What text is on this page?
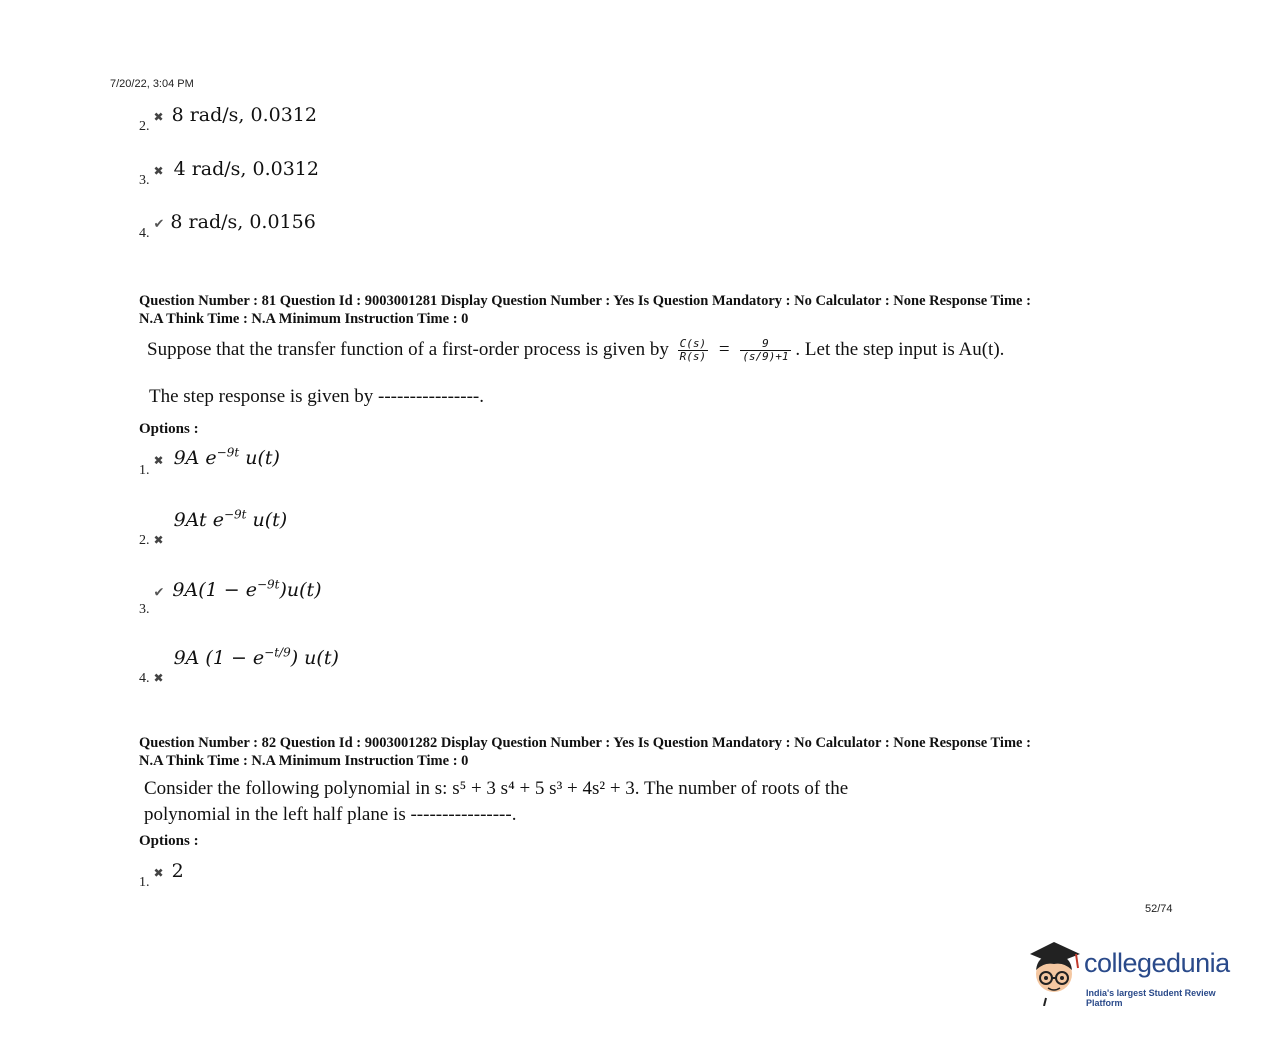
7/20/22, 3:04 PM
2. ✖ 8 rad/s, 0.0312
3. ✖ 4 rad/s, 0.0312
4. ✔ 8 rad/s, 0.0156
Question Number : 81 Question Id : 9003001281 Display Question Number : Yes Is Question Mandatory : No Calculator : None Response Time :
N.A Think Time : N.A Minimum Instruction Time : 0
Suppose that the transfer function of a first-order process is given by $\frac{C(s)}{R(s)} = \frac{9}{(s/9)+1}$ . Let the step input is Au(t).
The step response is given by ----------------.
Options :
1. ✖ 9A $e^{-9t}$ u(t)
2. $_✖$ 9At $e^{-9t}$ u(t)
3. ✔ $9A(1 - e^{-9t})u(t)$
4. $_✖$ 9A $(1 - e^{-t/9})$ u(t)
Question Number : 82 Question Id : 9003001282 Display Question Number : Yes Is Question Mandatory : No Calculator : None Response Time :
N.A Think Time : N.A Minimum Instruction Time : 0
Consider the following polynomial in s: s⁵ + 3 s⁴ + 5 s³ + 4s² + 3. The number of roots of the
polynomial in the left half plane is ----------------.
Options :
1. ✖ 2
52/74
collegedunia
India's largest Student Review Platform
